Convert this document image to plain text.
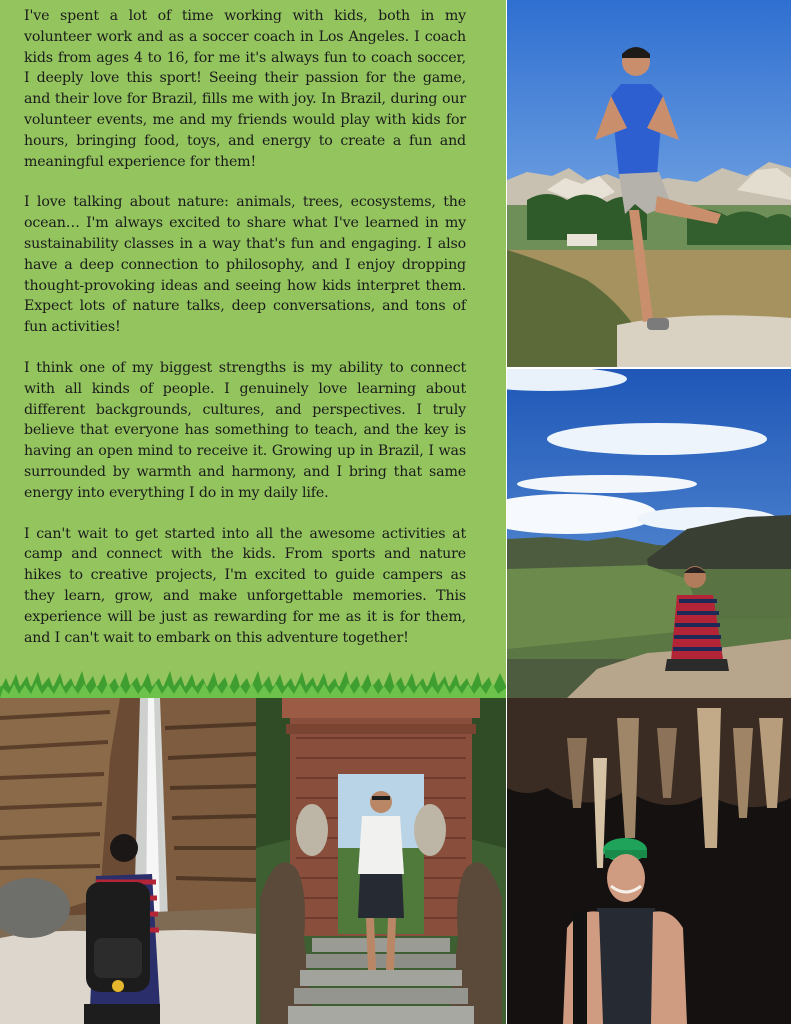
I've spent a lot of time working with kids, both in my volunteer work and as a soccer coach in Los Angeles. I coach kids from ages 4 to 16, for me it's always fun to coach soccer, I deeply love this sport! Seeing their passion for the game, and their love for Brazil, fills me with joy. In Brazil, during our volunteer events, me and my friends would play with kids for hours, bringing food, toys, and energy to create a fun and meaningful experience for them!

I love talking about nature: animals, trees, ecosystems, the ocean… I'm always excited to share what I've learned in my sustainability classes in a way that's fun and engaging. I also have a deep connection to philosophy, and I enjoy dropping thought-provoking ideas and seeing how kids interpret them. Expect lots of nature talks, deep conversations, and tons of fun activities!

I think one of my biggest strengths is my ability to connect with all kinds of people. I genuinely love learning about different backgrounds, cultures, and perspectives. I truly believe that everyone has something to teach, and the key is having an open mind to receive it. Growing up in Brazil, I was surrounded by warmth and harmony, and I bring that same energy into everything I do in my daily life.

I can't wait to get started into all the awesome activities at camp and connect with the kids. From sports and nature hikes to creative projects, I'm excited to guide campers as they learn, grow, and make unforgettable memories. This experience will be just as rewarding for me as it is for them, and I can't wait to embark on this adventure together!
